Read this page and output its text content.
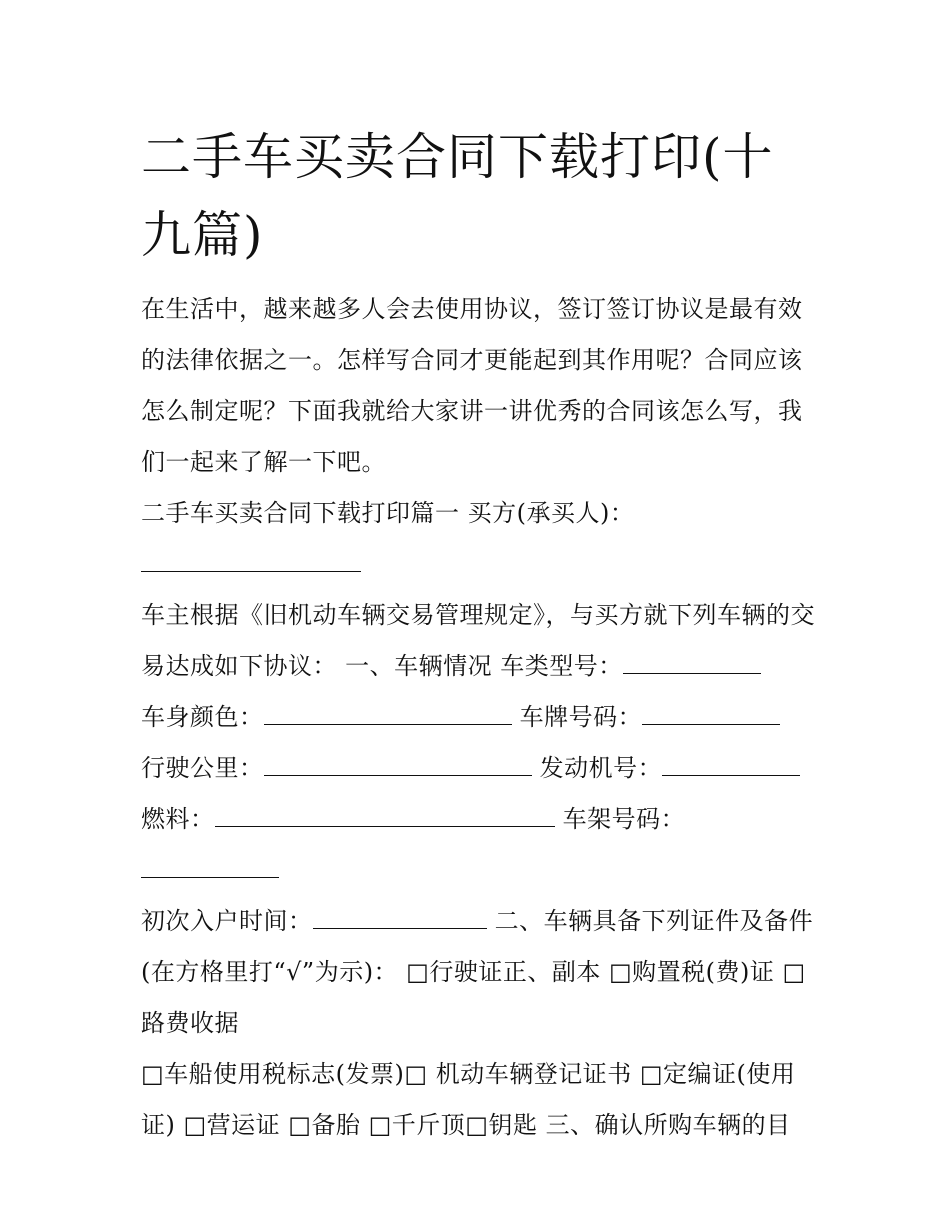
二手车买卖合同下载打印(十九篇)

在生活中，越来越多人会去使用协议，签订签订协议是最有效的法律依据之一。怎样写合同才更能起到其作用呢？合同应该怎么制定呢？下面我就给大家讲一讲优秀的合同该怎么写，我们一起来了解一下吧。

二手车买卖合同下载打印篇一 买方(承买人)：

车主根据《旧机动车辆交易管理规定》，与买方就下列车辆的交易达成如下协议： 一、车辆情况 车类型号：

车身颜色：	车牌号码：

行驶公里：	发动机号：

燃料：	车架号码：

初次入户时间：	二、车辆具备下列证件及备件(在方格里打“√”为示)： □行驶证正、副本 □购置税(费)证 □路费收据

□车船使用税标志(发票)□ 机动车辆登记证书 □定编证(使用证) □营运证 □备胎 □千斤顶□钥匙 三、确认所购车辆的目
